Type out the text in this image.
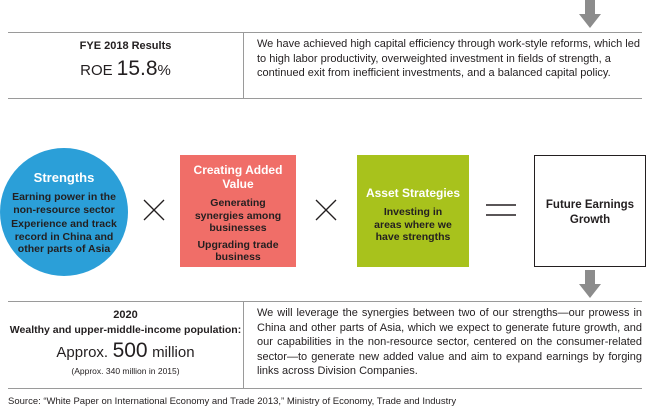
FYE 2018 Results
ROE 15.8%
We have achieved high capital efficiency through work-style reforms, which led to high labor productivity, overweighted investment in fields of strength, a continued exit from inefficient investments, and a balanced capital policy.
Strengths
Earning power in the non-resource sector
Experience and track record in China and other parts of Asia
Creating Added Value
Generating synergies among businesses
Upgrading trade business
Asset Strategies
Investing in areas where we have strengths
Future Earnings Growth
2020
Wealthy and upper-middle-income population:
Approx. 500 million
(Approx. 340 million in 2015)
We will leverage the synergies between two of our strengths—our prowess in China and other parts of Asia, which we expect to generate future growth, and our capabilities in the non-resource sector, centered on the consumer-related sector—to generate new added value and aim to expand earnings by forging links across Division Companies.
Source: “White Paper on International Economy and Trade 2013,” Ministry of Economy, Trade and Industry
